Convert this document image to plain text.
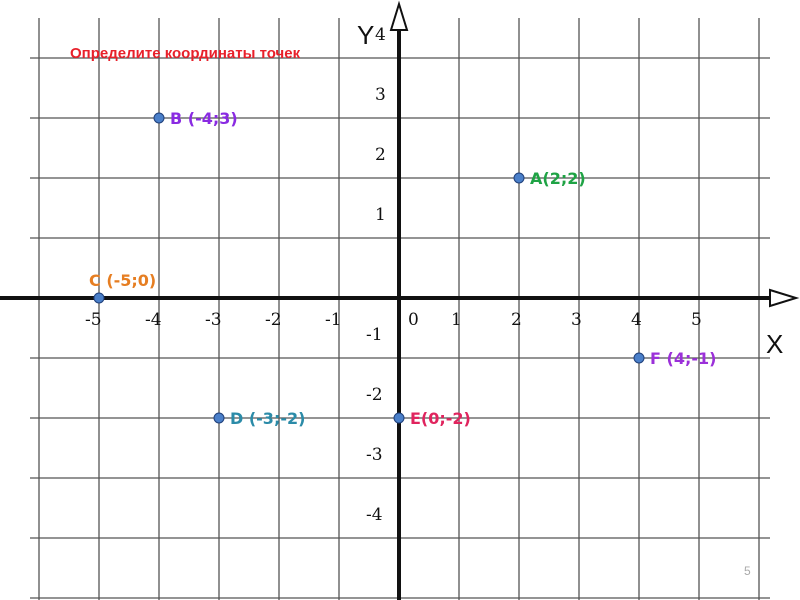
X
Y
-5	-4	-3	-2	-1	0 1	2	3	4	5
4
3
2
1
-1
-2
-3
-4
A(2;2)
B (-4;3)
C (-5;0)
D (-3;-2)	E(0;-2)
F (4;-1)
Определите координаты точек
5
